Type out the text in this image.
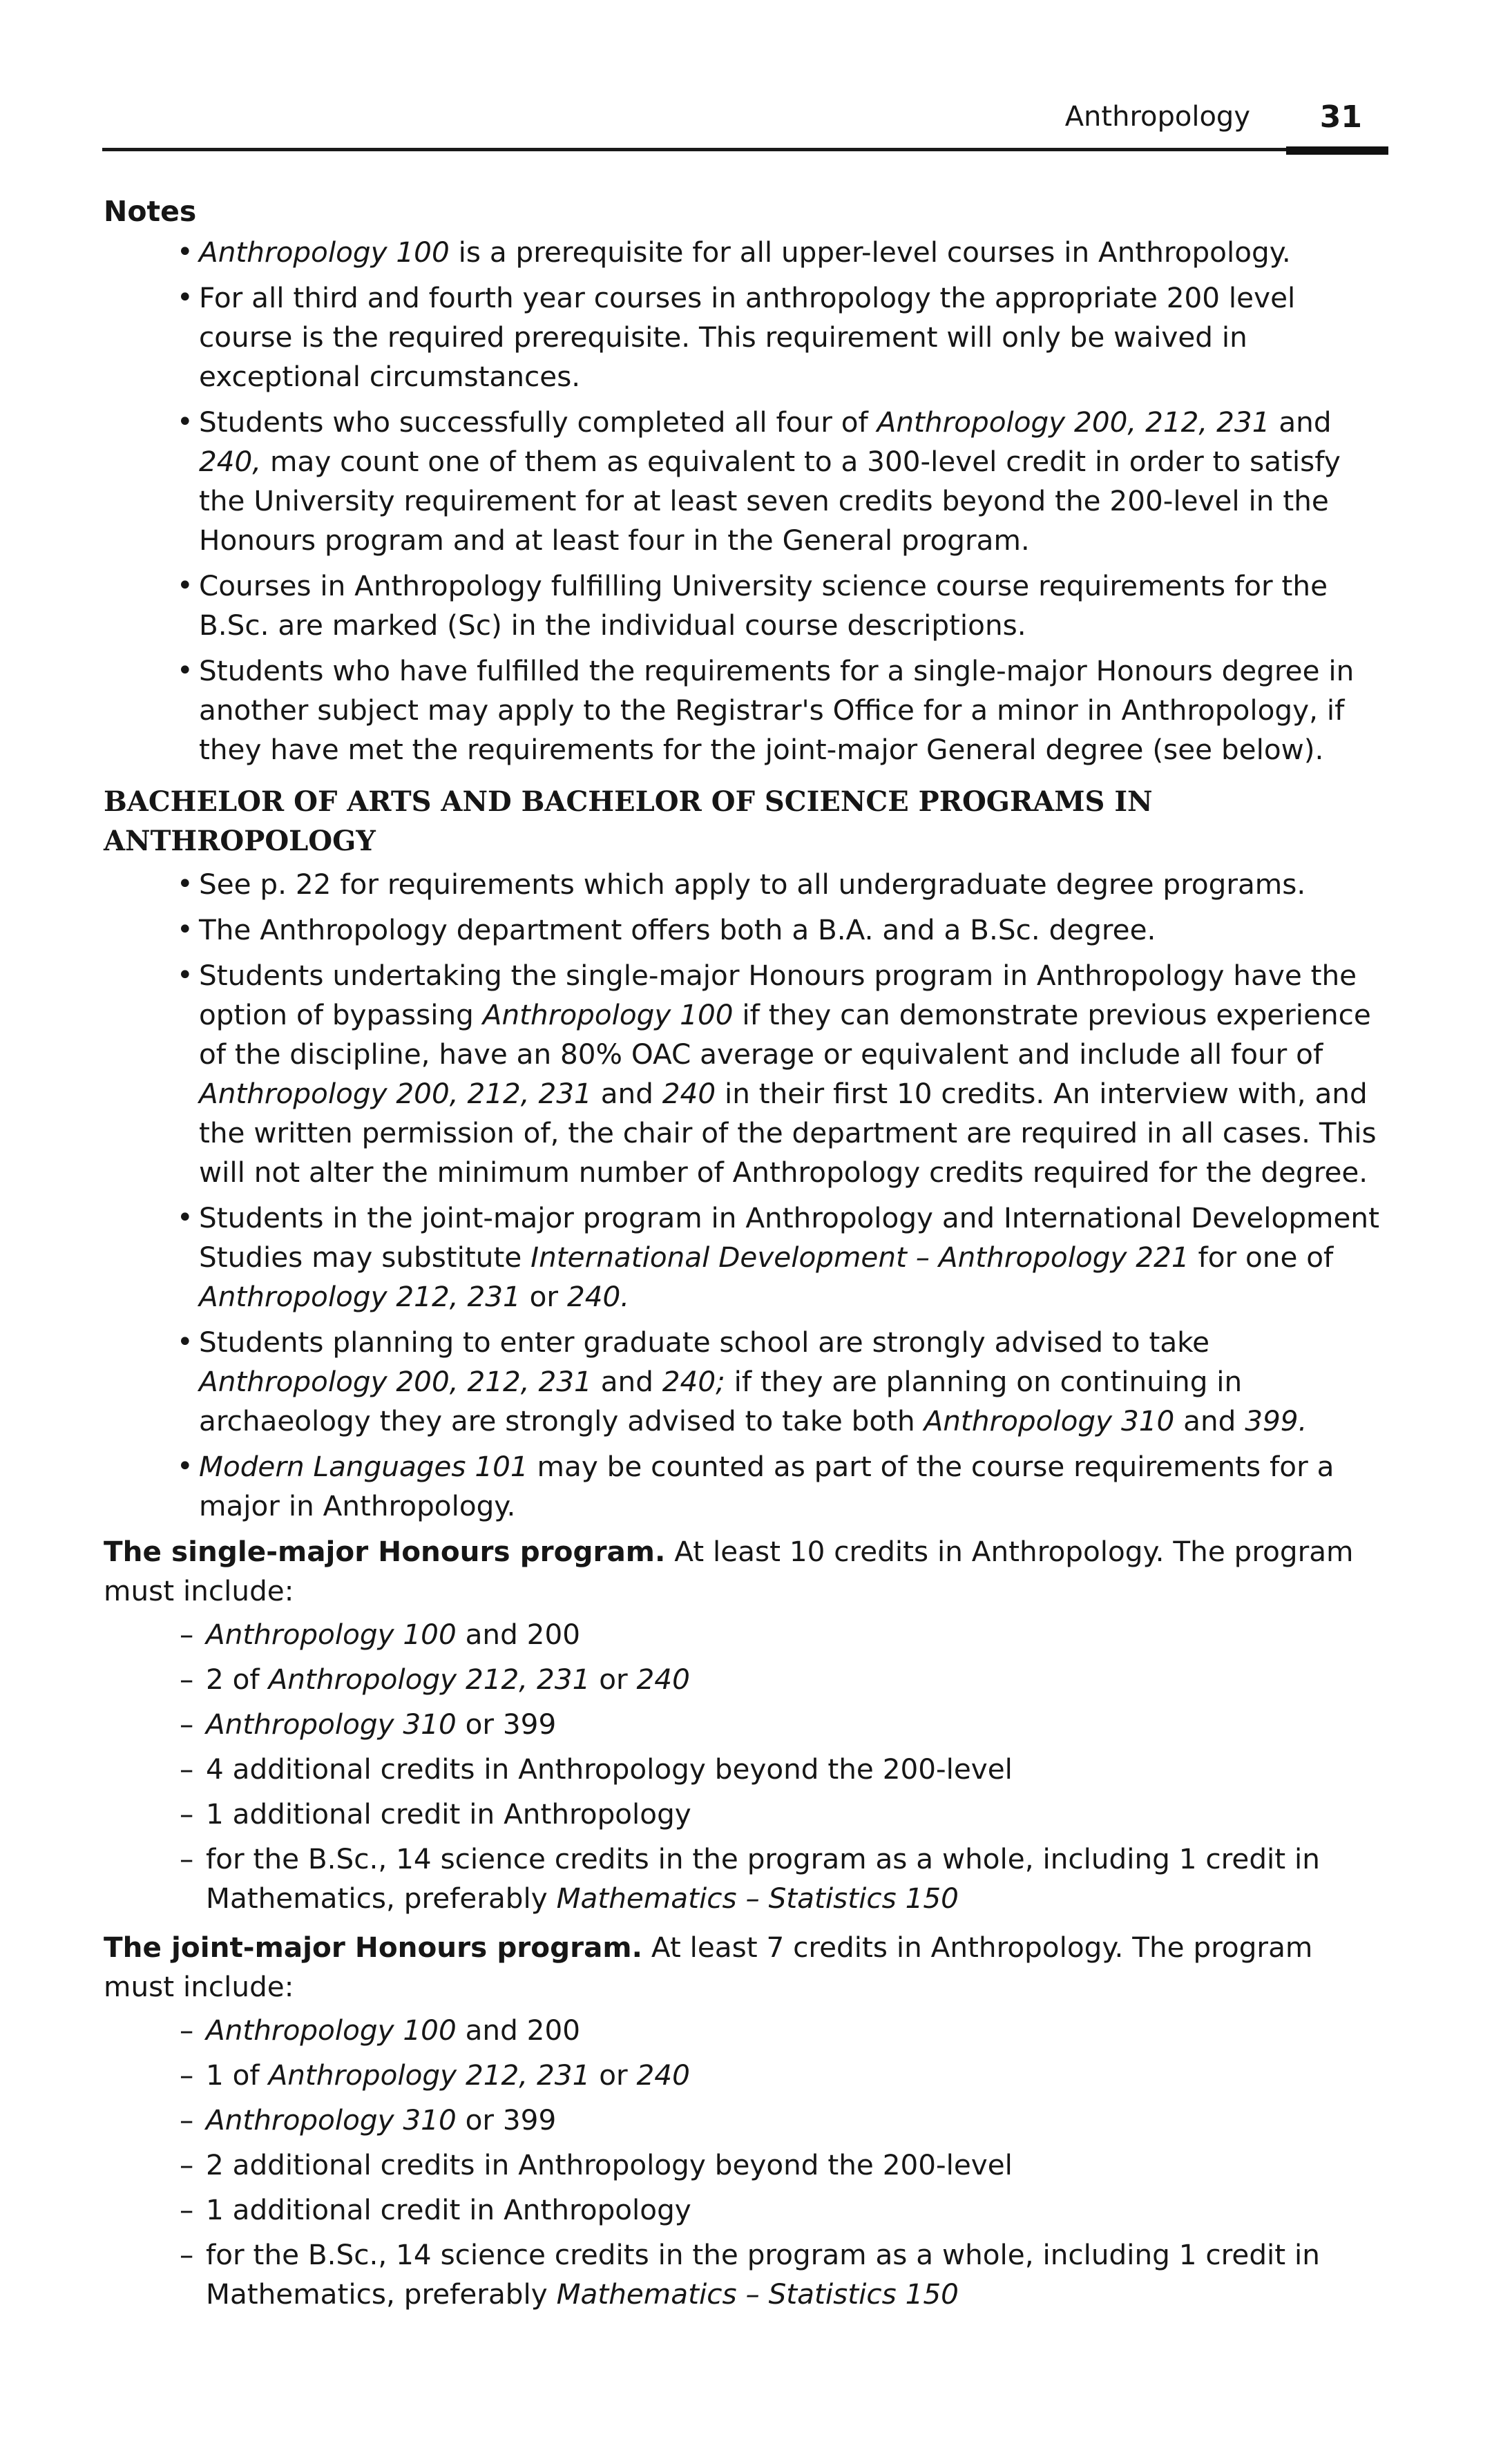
Anthropology 31
Notes
• Anthropology 100 is a prerequisite for all upper-level courses in Anthropology.
• For all third and fourth year courses in anthropology the appropriate 200 level course is the required prerequisite. This requirement will only be waived in exceptional circumstances.
• Students who successfully completed all four of Anthropology 200, 212, 231 and 240, may count one of them as equivalent to a 300-level credit in order to satisfy the University requirement for at least seven credits beyond the 200-level in the Honours program and at least four in the General program.
• Courses in Anthropology fulfilling University science course requirements for the B.Sc. are marked (Sc) in the individual course descriptions.
• Students who have fulfilled the requirements for a single-major Honours degree in another subject may apply to the Registrar's Office for a minor in Anthropology, if they have met the requirements for the joint-major General degree (see below).
BACHELOR OF ARTS AND BACHELOR OF SCIENCE PROGRAMS IN ANTHROPOLOGY
• See p. 22 for requirements which apply to all undergraduate degree programs.
• The Anthropology department offers both a B.A. and a B.Sc. degree.
• Students undertaking the single-major Honours program in Anthropology have the option of bypassing Anthropology 100 if they can demonstrate previous experience of the discipline, have an 80% OAC average or equivalent and include all four of Anthropology 200, 212, 231 and 240 in their first 10 credits. An interview with, and the written permission of, the chair of the department are required in all cases. This will not alter the minimum number of Anthropology credits required for the degree.
• Students in the joint-major program in Anthropology and International Development Studies may substitute International Development – Anthropology 221 for one of Anthropology 212, 231 or 240.
• Students planning to enter graduate school are strongly advised to take Anthropology 200, 212, 231 and 240; if they are planning on continuing in archaeology they are strongly advised to take both Anthropology 310 and 399.
• Modern Languages 101 may be counted as part of the course requirements for a major in Anthropology.
The single-major Honours program. At least 10 credits in Anthropology. The program must include:
– Anthropology 100 and 200
– 2 of Anthropology 212, 231 or 240
– Anthropology 310 or 399
– 4 additional credits in Anthropology beyond the 200-level
– 1 additional credit in Anthropology
– for the B.Sc., 14 science credits in the program as a whole, including 1 credit in Mathematics, preferably Mathematics – Statistics 150
The joint-major Honours program. At least 7 credits in Anthropology. The program must include:
– Anthropology 100 and 200
– 1 of Anthropology 212, 231 or 240
– Anthropology 310 or 399
– 2 additional credits in Anthropology beyond the 200-level
– 1 additional credit in Anthropology
– for the B.Sc., 14 science credits in the program as a whole, including 1 credit in Mathematics, preferably Mathematics – Statistics 150
